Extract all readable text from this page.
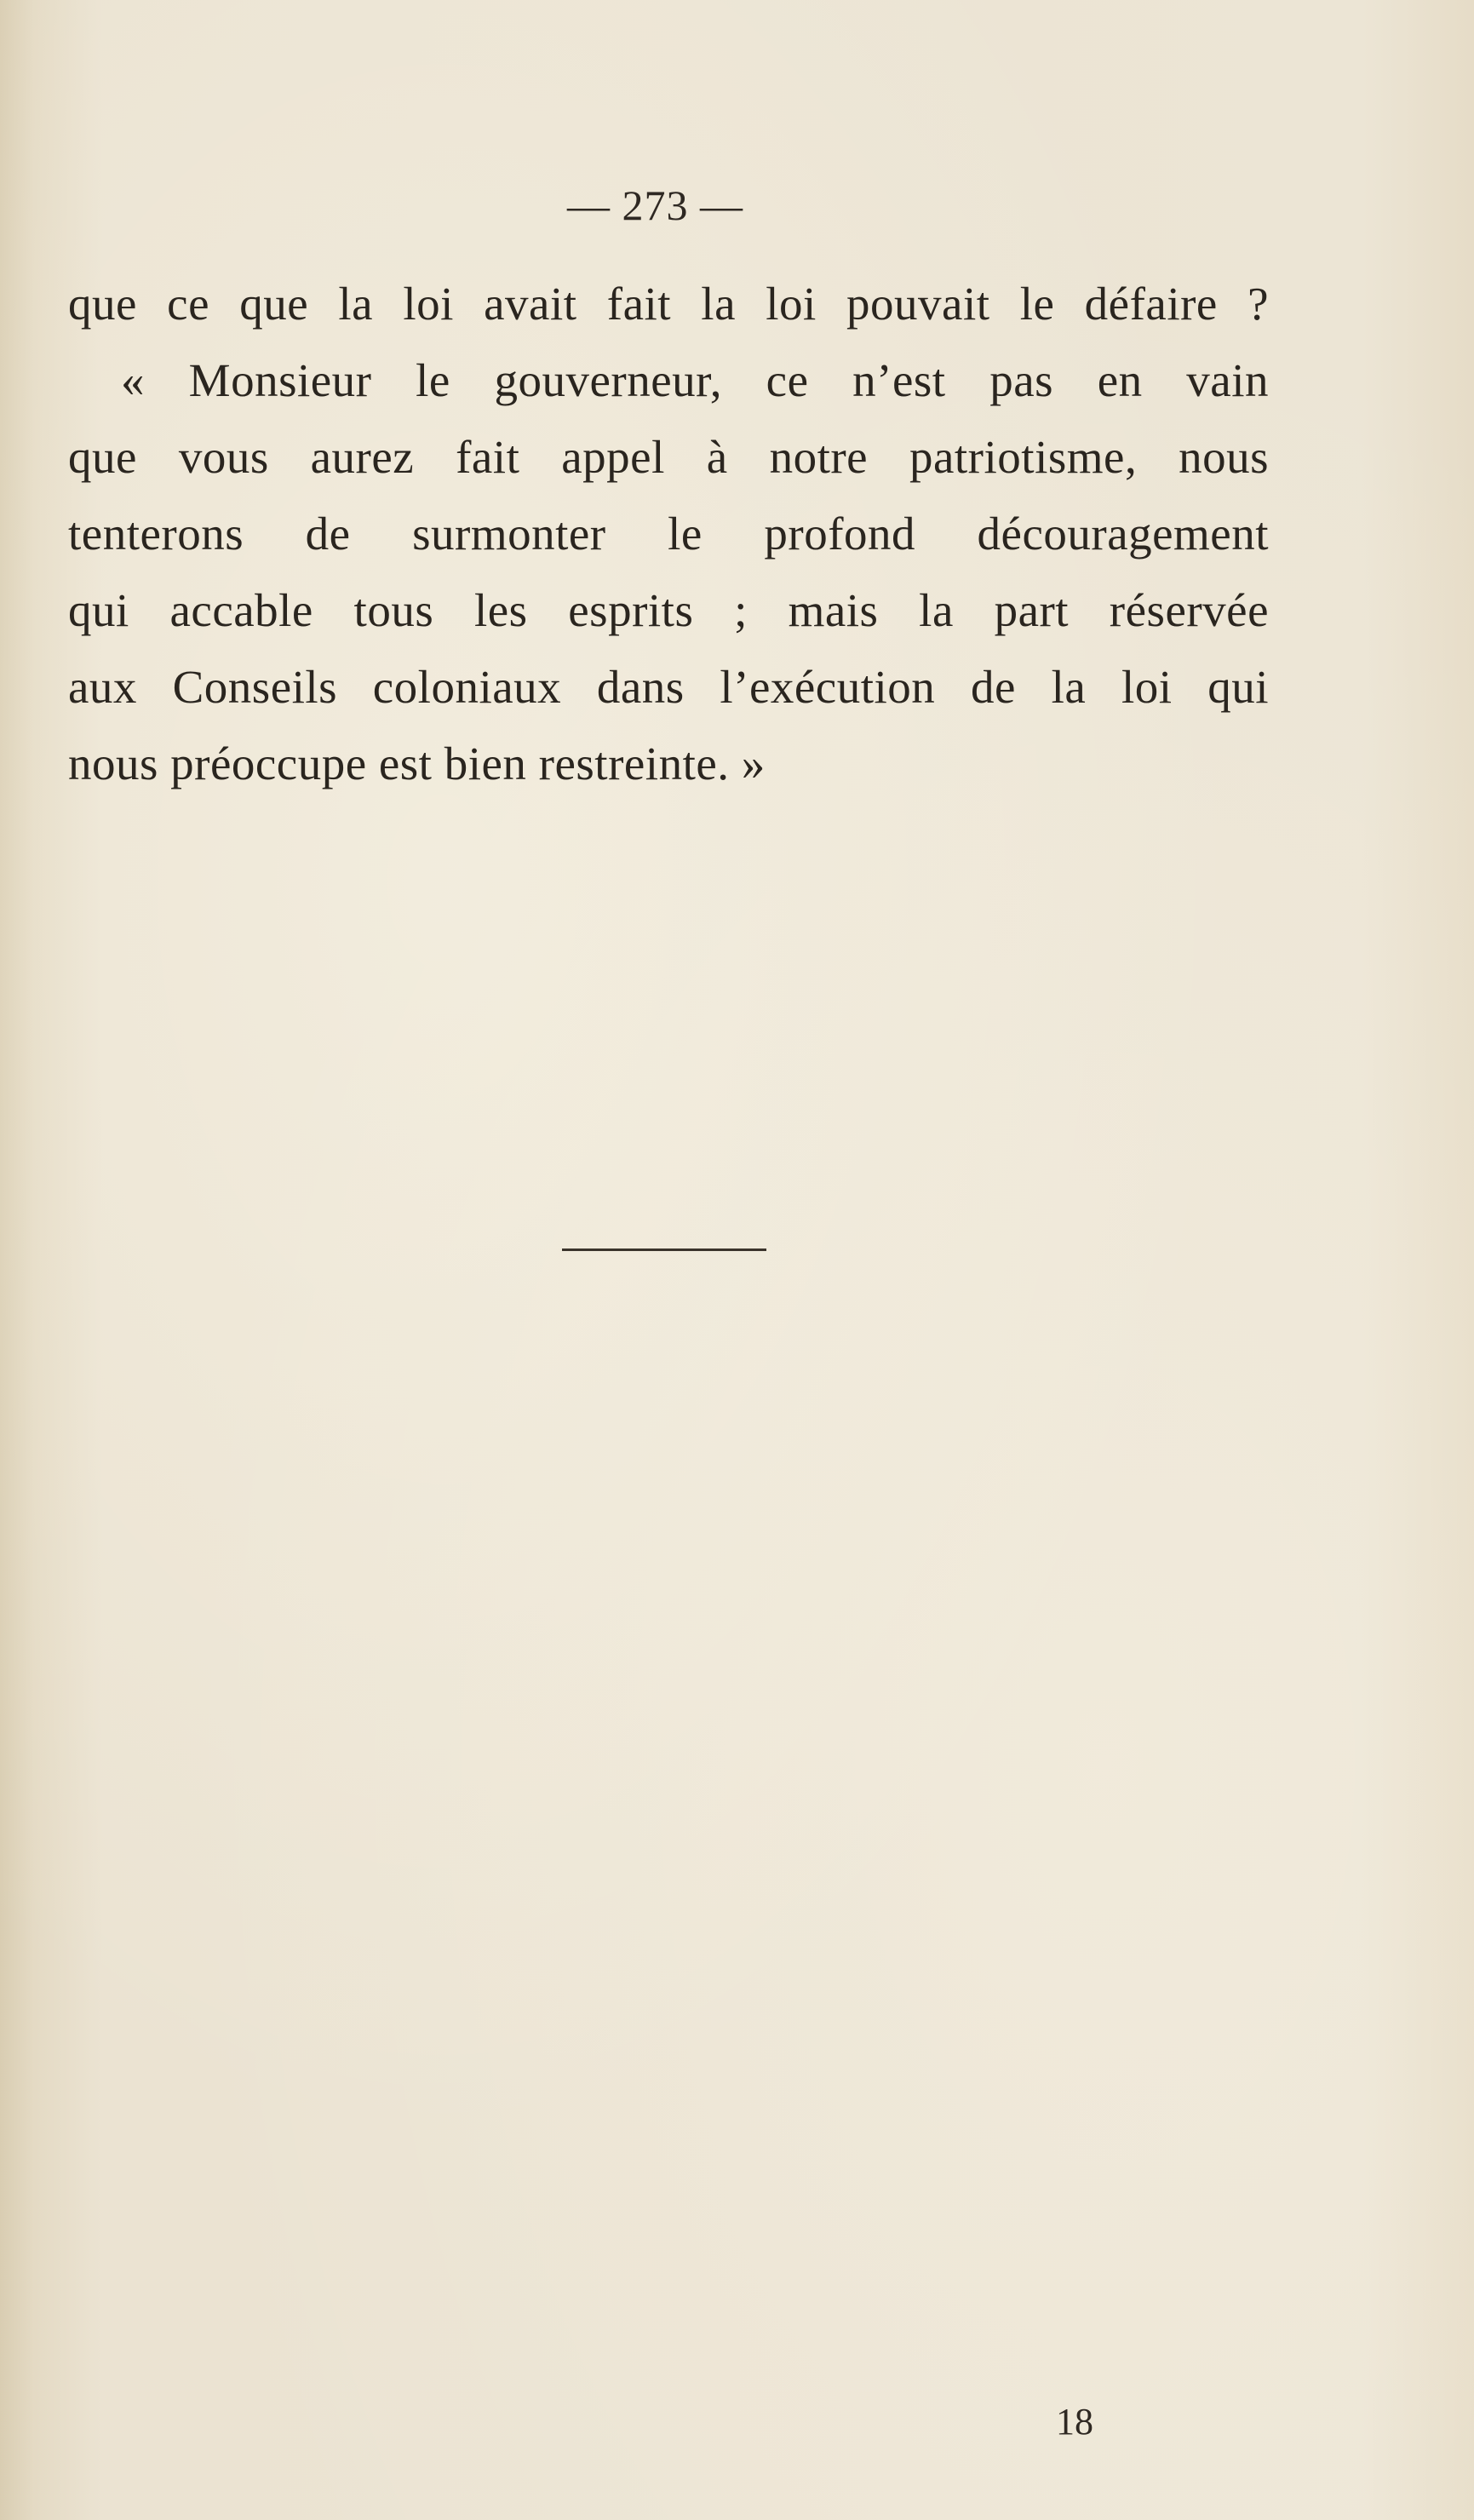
— 273 —
que ce que la loi avait fait la loi pouvait le défaire ?
« Monsieur le gouverneur, ce n’est pas en vain
que vous aurez fait appel à notre patriotisme, nous
tenterons de surmonter le profond découragement
qui accable tous les esprits ; mais la part réservée
aux Conseils coloniaux dans l’exécution de la loi qui
nous préoccupe est bien restreinte. »
18
